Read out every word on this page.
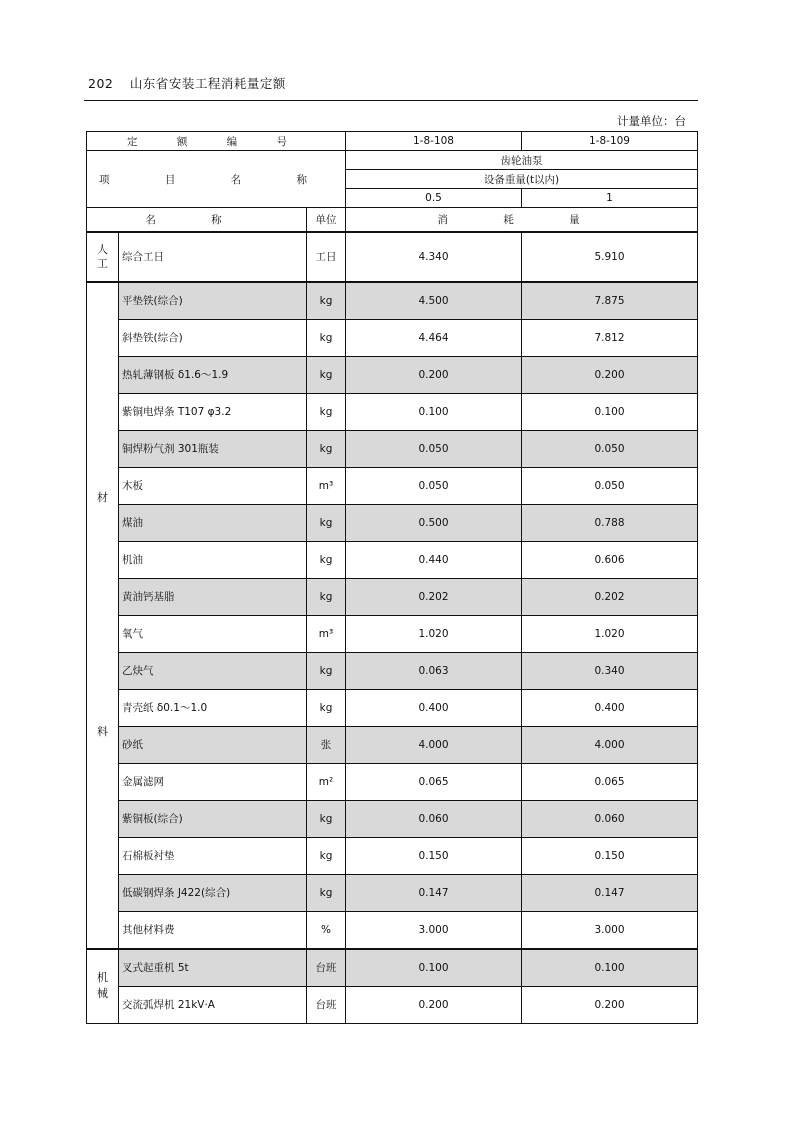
202 山东省安装工程消耗量定额
计量单位：台
定 额 编 号			1-8-108	1-8-109
项 目 名 称			齿轮油泵	
			设备重量(t以内)	
			0.5	1
名 称		单位	消 耗 量	

人
工	综合工日	工日	4.340	5.910

材
料	平垫铁(综合)	kg	4.500	7.875
	斜垫铁(综合)	kg	4.464	7.812
	热轧薄钢板 δ1.6～1.9	kg	0.200	0.200
	紫铜电焊条 T107 φ3.2	kg	0.100	0.100
	铜焊粉气剂 301瓶装	kg	0.050	0.050
	木板	m³	0.050	0.050
	煤油	kg	0.500	0.788
	机油	kg	0.440	0.606
	黄油钙基脂	kg	0.202	0.202
	氧气	m³	1.020	1.020
	乙炔气	kg	0.063	0.340
	青壳纸 δ0.1～1.0	kg	0.400	0.400
	砂纸	张	4.000	4.000
	金属滤网	m²	0.065	0.065
	紫铜板(综合)	kg	0.060	0.060
	石棉板衬垫	kg	0.150	0.150
	低碳钢焊条 J422(综合)	kg	0.147	0.147
	其他材料费	%	3.000	3.000

机
械	叉式起重机 5t	台班	0.100	0.100
	交流弧焊机 21kV·A	台班	0.200	0.200
